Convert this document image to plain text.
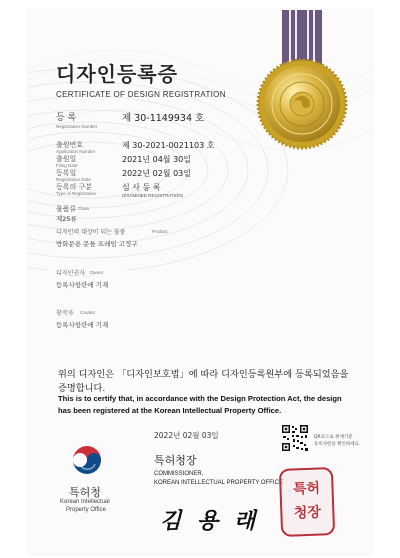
디자인등록증
CERTIFICATE OF DESIGN REGISTRATION
등 록
Registration Number
제 30-1149934 호
출원번호
Application Number
제 30-2021-0021103 호
출원일
Filing Date
2021년 04월 30일
등록일
Registration Date
2022년 02월 03일
등록의 구분
Type of Registration
심 사 등 록
(EXAMINED REGISTRATION)
물품류 Class
제25류
디자인의 대상이 되는 물품	Product
방화문용 문틀 프레임 고정구
디자인권자 Owner
등록사항란에 기재
창작자 Creator
등록사항란에 기재
위의 디자인은 「디자인보호법」에 따라 디자인등록원부에 등록되었음을
증명합니다.
This is to certify that, in accordance with the Design Protection Act, the design
has been registered at the Korean Intellectual Property Office.
특허청
Korean Intellectual
Property Office
2022년 02월 03일
특허청장
COMMISSIONER,
KOREAN INTELLECTUAL PROPERTY OFFICE
김 용 래
QR코드로 현재기준
등록사항을 확인하세요.
특허
청장
